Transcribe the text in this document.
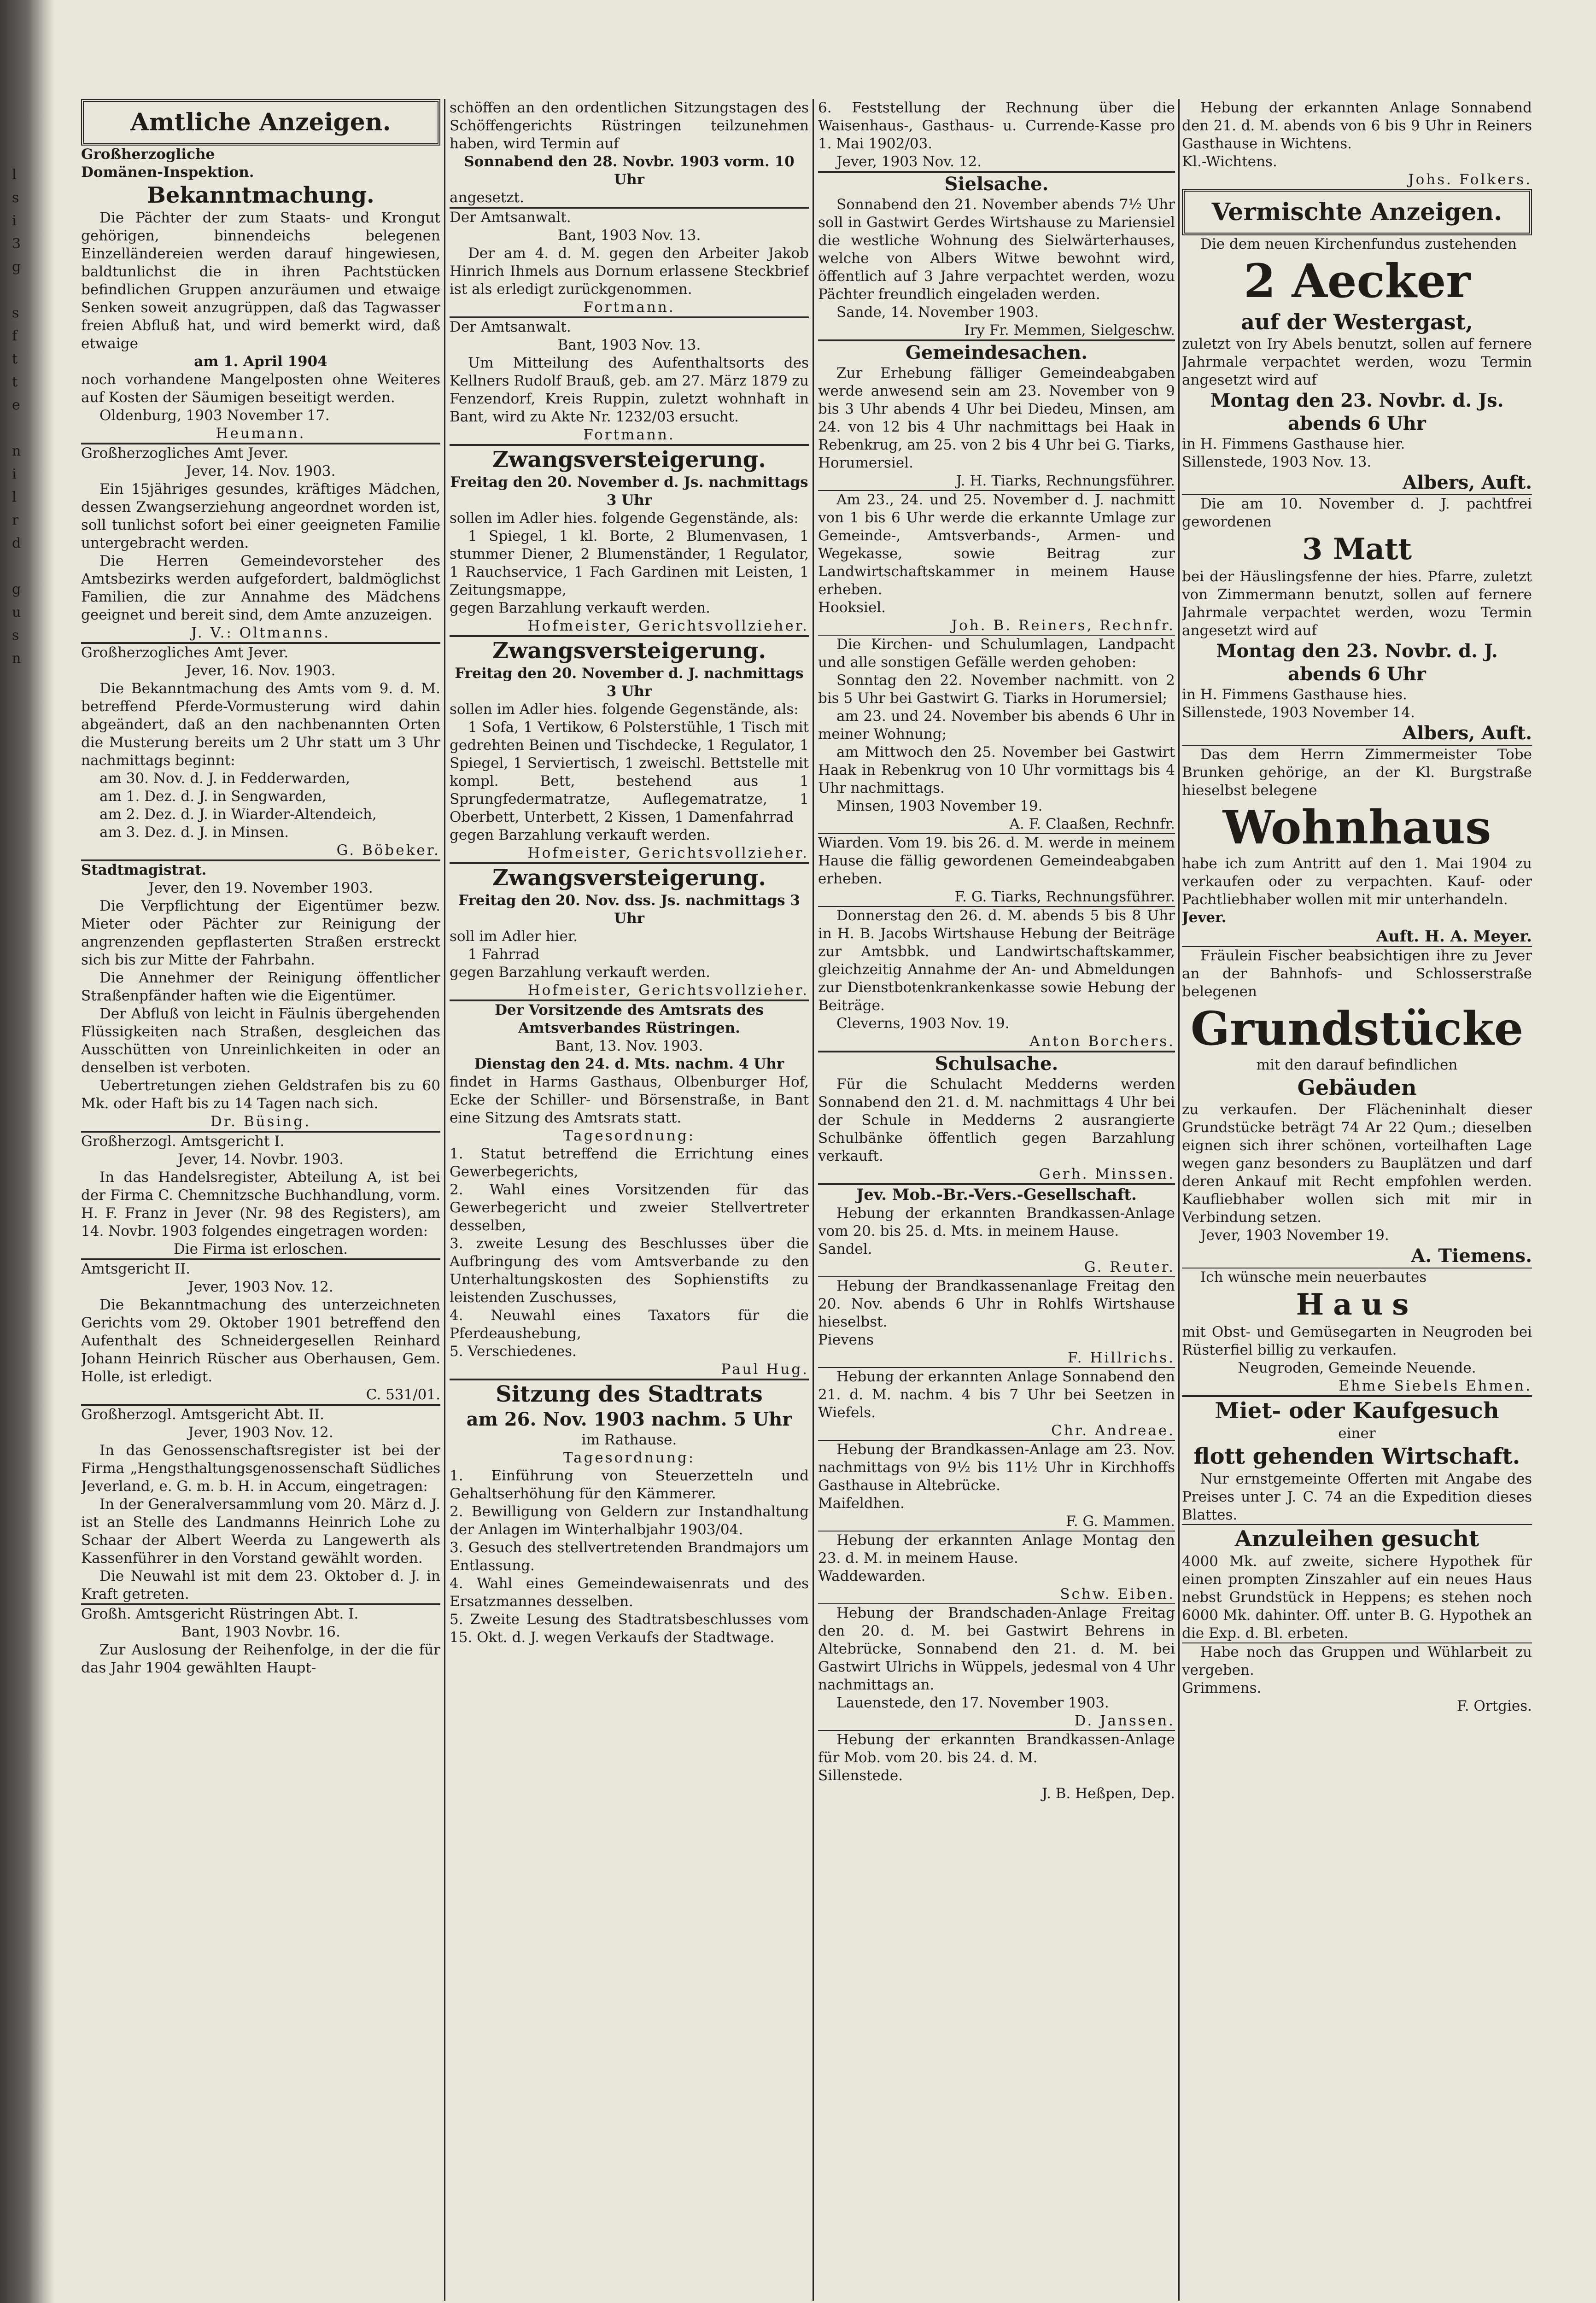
l
s
i
3
g
s
f
t
t
e
n
i
l
r
d
g
u
s
n
Amtliche Anzeigen.

Großherzogliche

Domänen-Inspektion.

Bekanntmachung.

Die Pächter der zum Staats- und Krongut gehörigen, binnendeichs belegenen Einzelländereien werden darauf hingewiesen, baldtunlichst die in ihren Pachtstücken befindlichen Gruppen anzuräumen und etwaige Senken soweit anzugrüppen, daß das Tagwasser freien Abfluß hat, und wird bemerkt wird, daß etwaige

am 1. April 1904

noch vorhandene Mangelposten ohne Weiteres auf Kosten der Säumigen beseitigt werden.

Oldenburg, 1903 November 17.

Heumann.

Großherzogliches Amt Jever.

Jever, 14. Nov. 1903.

Ein 15jähriges gesundes, kräftiges Mädchen, dessen Zwangserziehung angeordnet worden ist, soll tunlichst sofort bei einer geeigneten Familie untergebracht werden.

Die Herren Gemeindevorsteher des Amtsbezirks werden aufgefordert, baldmöglichst Familien, die zur Annahme des Mädchens geeignet und bereit sind, dem Amte anzuzeigen.

J. V.: Oltmanns.

Großherzogliches Amt Jever.

Jever, 16. Nov. 1903.

Die Bekanntmachung des Amts vom 9. d. M. betreffend Pferde-Vormusterung wird dahin abgeändert, daß an den nachbenannten Orten die Musterung bereits um 2 Uhr statt um 3 Uhr nachmittags beginnt:

am 30. Nov. d. J. in Fedderwarden,

am 1. Dez. d. J. in Sengwarden,

am 2. Dez. d. J. in Wiarder-Altendeich,

am 3. Dez. d. J. in Minsen.

G. Böbeker.

Stadtmagistrat.

Jever, den 19. November 1903.

Die Verpflichtung der Eigentümer bezw. Mieter oder Pächter zur Reinigung der angrenzenden gepflasterten Straßen erstreckt sich bis zur Mitte der Fahrbahn.

Die Annehmer der Reinigung öffentlicher Straßenpfänder haften wie die Eigentümer.

Der Abfluß von leicht in Fäulnis übergehenden Flüssigkeiten nach Straßen, desgleichen das Ausschütten von Unreinlichkeiten in oder an denselben ist verboten.

Uebertretungen ziehen Geldstrafen bis zu 60 Mk. oder Haft bis zu 14 Tagen nach sich.

Dr. Büsing.

Großherzogl. Amtsgericht I.

Jever, 14. Novbr. 1903.

In das Handelsregister, Abteilung A, ist bei der Firma C. Chemnitzsche Buchhandlung, vorm. H. F. Franz in Jever (Nr. 98 des Registers), am 14. Novbr. 1903 folgendes eingetragen worden:

Die Firma ist erloschen.

Amtsgericht II.

Jever, 1903 Nov. 12.

Die Bekanntmachung des unterzeichneten Gerichts vom 29. Oktober 1901 betreffend den Aufenthalt des Schneidergesellen Reinhard Johann Heinrich Rüscher aus Oberhausen, Gem. Holle, ist erledigt.

C. 531/01.

Großherzogl. Amtsgericht Abt. II.

Jever, 1903 Nov. 12.

In das Genossenschaftsregister ist bei der Firma „Hengsthaltungsgenossenschaft Südliches Jeverland, e. G. m. b. H. in Accum, eingetragen:

In der Generalversammlung vom 20. März d. J. ist an Stelle des Landmanns Heinrich Lohe zu Schaar der Albert Weerda zu Langewerth als Kassenführer in den Vorstand gewählt worden.

Die Neuwahl ist mit dem 23. Oktober d. J. in Kraft getreten.

Großh. Amtsgericht Rüstringen Abt. I.

Bant, 1903 Novbr. 16.

Zur Auslosung der Reihenfolge, in der die für das Jahr 1904 gewählten Haupt-

schöffen an den ordentlichen Sitzungstagen des Schöffengerichts Rüstringen teilzunehmen haben, wird Termin auf

Sonnabend den 28. Novbr. 1903 vorm. 10 Uhr

angesetzt.

Der Amtsanwalt.

Bant, 1903 Nov. 13.

Der am 4. d. M. gegen den Arbeiter Jakob Hinrich Ihmels aus Dornum erlassene Steckbrief ist als erledigt zurückgenommen.

Fortmann.

Der Amtsanwalt.

Bant, 1903 Nov. 13.

Um Mitteilung des Aufenthaltsorts des Kellners Rudolf Brauß, geb. am 27. März 1879 zu Fenzendorf, Kreis Ruppin, zuletzt wohnhaft in Bant, wird zu Akte Nr. 1232/03 ersucht.

Fortmann.

Zwangsversteigerung.

Freitag den 20. November d. Js. nachmittags 3 Uhr

sollen im Adler hies. folgende Gegenstände, als:

1 Spiegel, 1 kl. Borte, 2 Blumenvasen, 1 stummer Diener, 2 Blumenständer, 1 Regulator, 1 Rauchservice, 1 Fach Gardinen mit Leisten, 1 Zeitungsmappe,

gegen Barzahlung verkauft werden.

Hofmeister, Gerichtsvollzieher.

Zwangsversteigerung.

Freitag den 20. November d. J. nachmittags 3 Uhr

sollen im Adler hies. folgende Gegenstände, als:

1 Sofa, 1 Vertikow, 6 Polsterstühle, 1 Tisch mit gedrehten Beinen und Tischdecke, 1 Regulator, 1 Spiegel, 1 Serviertisch, 1 zweischl. Bettstelle mit kompl. Bett, bestehend aus 1 Sprungfedermatratze, Auflegematratze, 1 Oberbett, Unterbett, 2 Kissen, 1 Damenfahrrad

gegen Barzahlung verkauft werden.

Hofmeister, Gerichtsvollzieher.

Zwangsversteigerung.

Freitag den 20. Nov. dss. Js. nachmittags 3 Uhr

soll im Adler hier.

1 Fahrrad

gegen Barzahlung verkauft werden.

Hofmeister, Gerichtsvollzieher.

Der Vorsitzende des Amtsrats des Amtsverbandes Rüstringen.

Bant, 13. Nov. 1903.

Dienstag den 24. d. Mts. nachm. 4 Uhr

findet in Harms Gasthaus, Olbenburger Hof, Ecke der Schiller- und Börsenstraße, in Bant eine Sitzung des Amtsrats statt.

Tagesordnung:

1. Statut betreffend die Errichtung eines Gewerbegerichts,

2. Wahl eines Vorsitzenden für das Gewerbegericht und zweier Stellvertreter desselben,

3. zweite Lesung des Beschlusses über die Aufbringung des vom Amtsverbande zu den Unterhaltungskosten des Sophienstifts zu leistenden Zuschusses,

4. Neuwahl eines Taxators für die Pferdeaushebung,

5. Verschiedenes.

Paul Hug.

Sitzung des Stadtrats

am 26. Nov. 1903 nachm. 5 Uhr

im Rathause.

Tagesordnung:

1. Einführung von Steuerzetteln und Gehaltserhöhung für den Kämmerer.

2. Bewilligung von Geldern zur Instandhaltung der Anlagen im Winterhalbjahr 1903/04.

3. Gesuch des stellvertretenden Brandmajors um Entlassung.

4. Wahl eines Gemeindewaisenrats und des Ersatzmannes desselben.

5. Zweite Lesung des Stadtratsbeschlusses vom 15. Okt. d. J. wegen Verkaufs der Stadtwage.

6. Feststellung der Rechnung über die Waisenhaus-, Gasthaus- u. Currende-Kasse pro 1. Mai 1902/03.

Jever, 1903 Nov. 12.

Sielsache.

Sonnabend den 21. November abends 7½ Uhr soll in Gastwirt Gerdes Wirtshause zu Mariensiel die westliche Wohnung des Sielwärterhauses, welche von Albers Witwe bewohnt wird, öffentlich auf 3 Jahre verpachtet werden, wozu Pächter freundlich eingeladen werden.

Sande, 14. November 1903.

Iry Fr. Memmen, Sielgeschw.

Gemeindesachen.

Zur Erhebung fälliger Gemeindeabgaben werde anwesend sein am 23. November von 9 bis 3 Uhr abends 4 Uhr bei Diedeu, Minsen, am 24. von 12 bis 4 Uhr nachmittags bei Haak in Rebenkrug, am 25. von 2 bis 4 Uhr bei G. Tiarks, Horumersiel.

J. H. Tiarks, Rechnungsführer.

Am 23., 24. und 25. November d. J. nachmitt von 1 bis 6 Uhr werde die erkannte Umlage zur Gemeinde-, Amtsverbands-, Armen- und Wegekasse, sowie Beitrag zur Landwirtschaftskammer in meinem Hause erheben.

Hooksiel.

Joh. B. Reiners, Rechnfr.

Die Kirchen- und Schulumlagen, Landpacht und alle sonstigen Gefälle werden gehoben:

Sonntag den 22. November nachmitt. von 2 bis 5 Uhr bei Gastwirt G. Tiarks in Horumersiel;

am 23. und 24. November bis abends 6 Uhr in meiner Wohnung;

am Mittwoch den 25. November bei Gastwirt Haak in Rebenkrug von 10 Uhr vormittags bis 4 Uhr nachmittags.

Minsen, 1903 November 19.

A. F. Claaßen, Rechnfr.

Wiarden. Vom 19. bis 26. d. M. werde in meinem Hause die fällig gewordenen Gemeindeabgaben erheben.

F. G. Tiarks, Rechnungsführer.

Donnerstag den 26. d. M. abends 5 bis 8 Uhr in H. B. Jacobs Wirtshause Hebung der Beiträge zur Amtsbbk. und Landwirtschaftskammer, gleichzeitig Annahme der An- und Abmeldungen zur Dienstbotenkrankenkasse sowie Hebung der Beiträge.

Cleverns, 1903 Nov. 19.

Anton Borchers.

Schulsache.

Für die Schulacht Medderns werden Sonnabend den 21. d. M. nachmittags 4 Uhr bei der Schule in Medderns 2 ausrangierte Schulbänke öffentlich gegen Barzahlung verkauft.

Gerh. Minssen.

Jev. Mob.-Br.-Vers.-Gesellschaft.

Hebung der erkannten Brandkassen-Anlage vom 20. bis 25. d. Mts. in meinem Hause.

Sandel.

G. Reuter.

Hebung der Brandkassenanlage Freitag den 20. Nov. abends 6 Uhr in Rohlfs Wirtshause hieselbst.

Pievens

F. Hillrichs.

Hebung der erkannten Anlage Sonnabend den 21. d. M. nachm. 4 bis 7 Uhr bei Seetzen in Wiefels.

Chr. Andreae.

Hebung der Brandkassen-Anlage am 23. Nov. nachmittags von 9½ bis 11½ Uhr in Kirchhoffs Gasthause in Altebrücke.

Maifeldhen.

F. G. Mammen.

Hebung der erkannten Anlage Montag den 23. d. M. in meinem Hause.

Waddewarden.

Schw. Eiben.

Hebung der Brandschaden-Anlage Freitag den 20. d. M. bei Gastwirt Behrens in Altebrücke, Sonnabend den 21. d. M. bei Gastwirt Ulrichs in Wüppels, jedesmal von 4 Uhr nachmittags an.

Lauenstede, den 17. November 1903.

D. Janssen.

Hebung der erkannten Brandkassen-Anlage für Mob. vom 20. bis 24. d. M.

Sillenstede.

J. B. Heßpen, Dep.

Hebung der erkannten Anlage Sonnabend den 21. d. M. abends von 6 bis 9 Uhr in Reiners Gasthause in Wichtens.

Kl.-Wichtens.

Johs. Folkers.

Vermischte Anzeigen.

Die dem neuen Kirchenfundus zustehenden

2 Aecker

auf der Westergast,

zuletzt von Iry Abels benutzt, sollen auf fernere Jahrmale verpachtet werden, wozu Termin angesetzt wird auf

Montag den 23. Novbr. d. Js. abends 6 Uhr

in H. Fimmens Gasthause hier.

Sillenstede, 1903 Nov. 13.

Albers, Auft.

Die am 10. November d. J. pachtfrei gewordenen

3 Matt

bei der Häuslingsfenne der hies. Pfarre, zuletzt von Zimmermann benutzt, sollen auf fernere Jahrmale verpachtet werden, wozu Termin angesetzt wird auf

Montag den 23. Novbr. d. J. abends 6 Uhr

in H. Fimmens Gasthause hies.

Sillenstede, 1903 November 14.

Albers, Auft.

Das dem Herrn Zimmermeister Tobe Brunken gehörige, an der Kl. Burgstraße hieselbst belegene

Wohnhaus

habe ich zum Antritt auf den 1. Mai 1904 zu verkaufen oder zu verpachten. Kauf- oder Pachtliebhaber wollen mit mir unterhandeln.

Jever.

Auft. H. A. Meyer.

Fräulein Fischer beabsichtigen ihre zu Jever an der Bahnhofs- und Schlosserstraße belegenen

Grundstücke

mit den darauf befindlichen

Gebäuden

zu verkaufen. Der Flächeninhalt dieser Grundstücke beträgt 74 Ar 22 Qum.; dieselben eignen sich ihrer schönen, vorteilhaften Lage wegen ganz besonders zu Bauplätzen und darf deren Ankauf mit Recht empfohlen werden. Kaufliebhaber wollen sich mit mir in Verbindung setzen.

Jever, 1903 November 19.

A. Tiemens.

Ich wünsche mein neuerbautes

Haus

mit Obst- und Gemüsegarten in Neugroden bei Rüsterfiel billig zu verkaufen.

Neugroden, Gemeinde Neuende.

Ehme Siebels Ehmen.

Miet- oder Kaufgesuch

einer

flott gehenden Wirtschaft.

Nur ernstgemeinte Offerten mit Angabe des Preises unter J. C. 74 an die Expedition dieses Blattes.

Anzuleihen gesucht

4000 Mk. auf zweite, sichere Hypothek für einen prompten Zinszahler auf ein neues Haus nebst Grundstück in Heppens; es stehen noch 6000 Mk. dahinter. Off. unter B. G. Hypothek an die Exp. d. Bl. erbeten.

Habe noch das Gruppen und Wühlarbeit zu vergeben.

Grimmens.

F. Ortgies.
